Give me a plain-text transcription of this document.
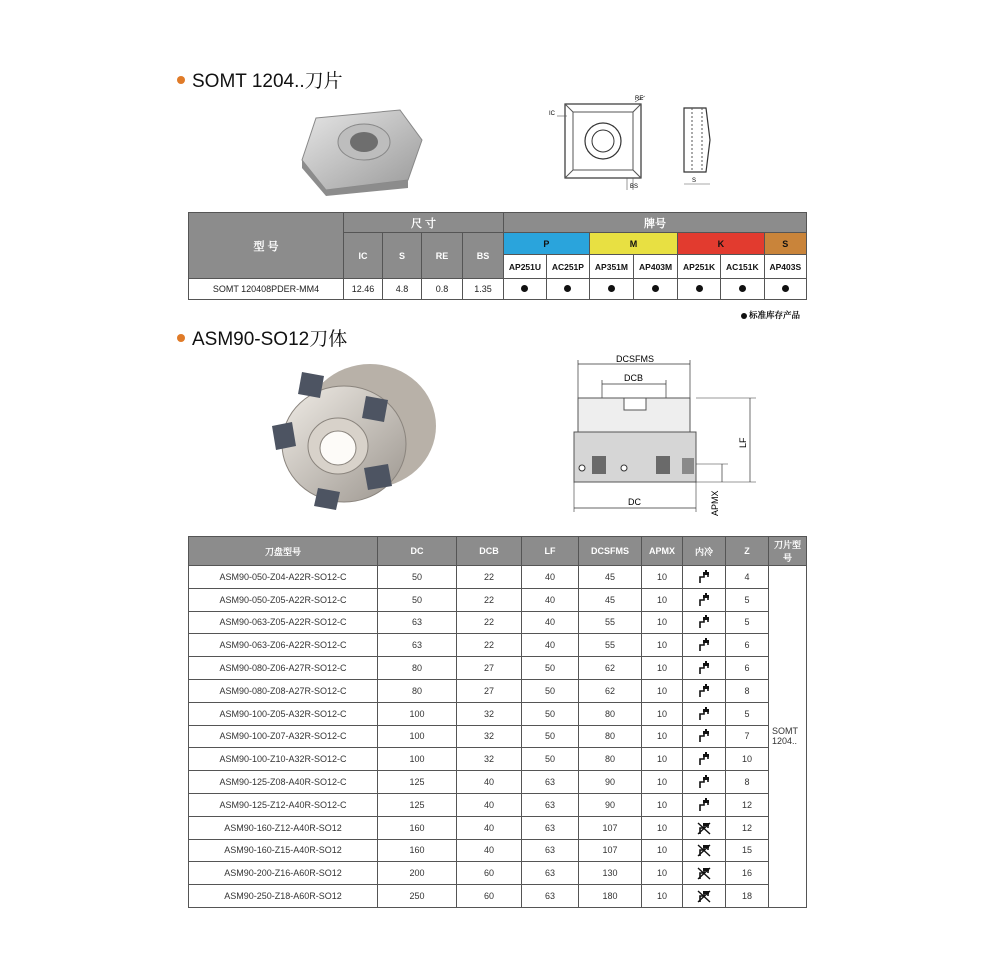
SOMT 1204..刀片
IC
RE
BS
S
型 号	尺 寸				牌号						
	IC	S	RE	BS	P		M		K		S
					AP251U	AC251P	AP351M	AP403M	AP251K	AC151K	AP403S
SOMT 120408PDER-MM4	12.46	4.8	0.8	1.35							
标准库存产品
ASM90-SO12刀体
DCSFMS
DCB
LF
DC	APMX
刀盘型号	DC	DCB	LF	DCSFMS	APMX	内冷	Z	刀片型号
ASM90-050-Z04-A22R-SO12-C	50	22	40	45	10		4	SOMT 1204..
ASM90-050-Z05-A22R-SO12-C	50	22	40	45	10		5	
ASM90-063-Z05-A22R-SO12-C	63	22	40	55	10		5	
ASM90-063-Z06-A22R-SO12-C	63	22	40	55	10		6	
ASM90-080-Z06-A27R-SO12-C	80	27	50	62	10		6	
ASM90-080-Z08-A27R-SO12-C	80	27	50	62	10		8	
ASM90-100-Z05-A32R-SO12-C	100	32	50	80	10		5	
ASM90-100-Z07-A32R-SO12-C	100	32	50	80	10		7	
ASM90-100-Z10-A32R-SO12-C	100	32	50	80	10		10	
ASM90-125-Z08-A40R-SO12-C	125	40	63	90	10		8	
ASM90-125-Z12-A40R-SO12-C	125	40	63	90	10		12	
ASM90-160-Z12-A40R-SO12	160	40	63	107	10		12	
ASM90-160-Z15-A40R-SO12	160	40	63	107	10		15	
ASM90-200-Z16-A60R-SO12	200	60	63	130	10		16	
ASM90-250-Z18-A60R-SO12	250	60	63	180	10		18	
